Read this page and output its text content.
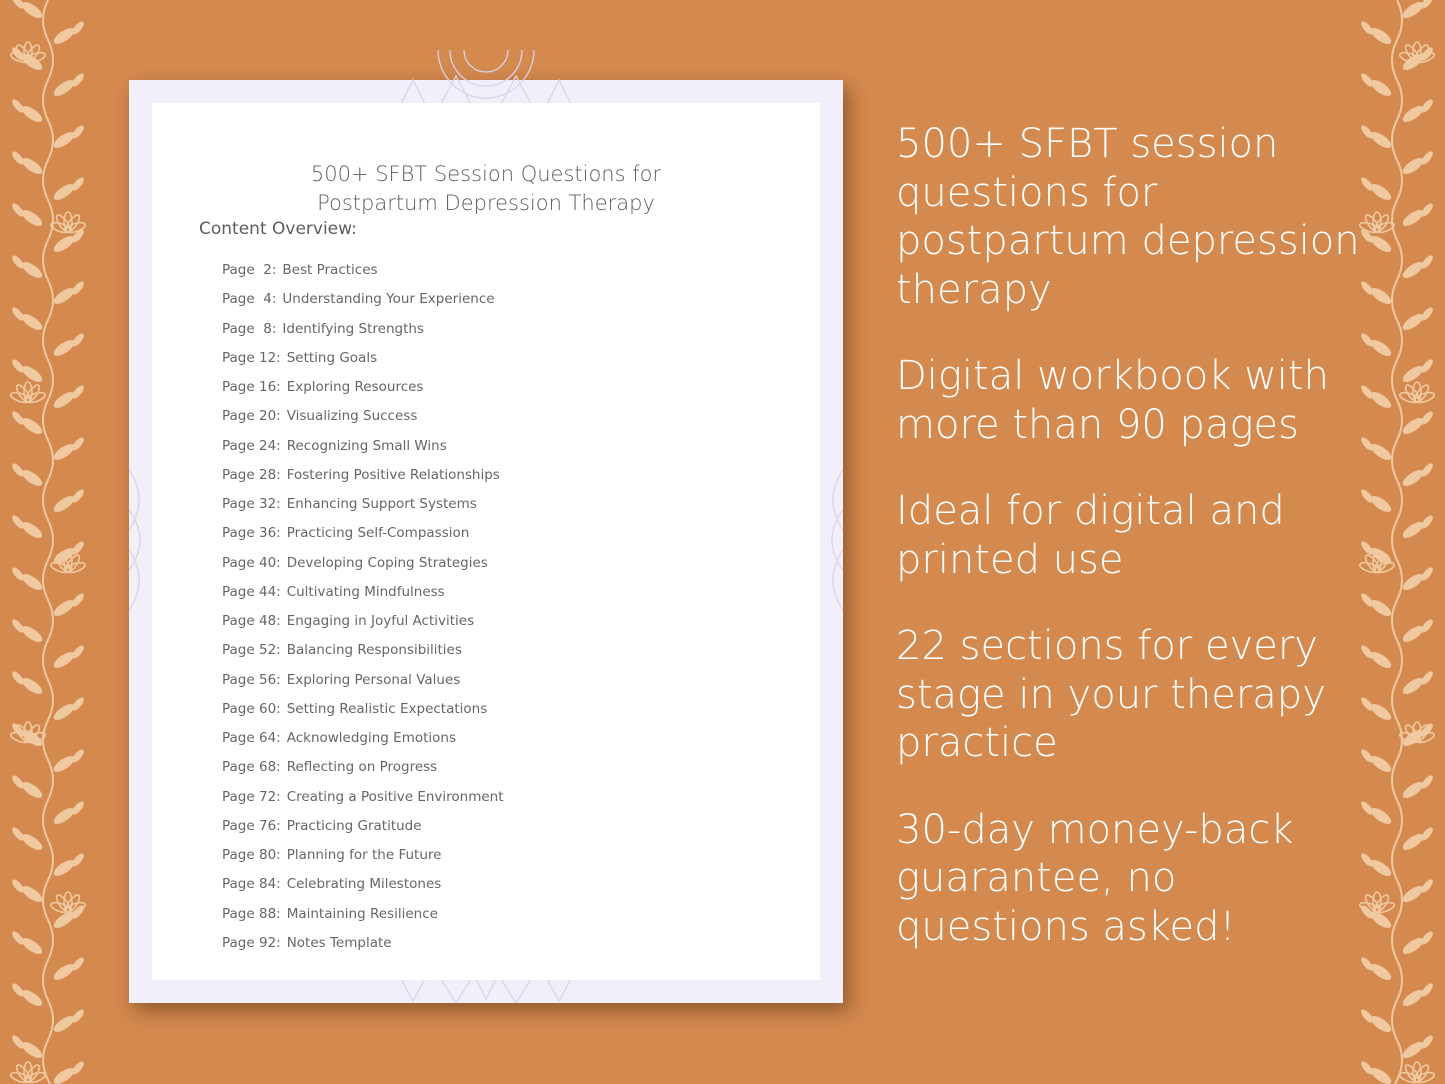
500+ SFBT Session Questions for
Postpartum Depression Therapy
Content Overview:
Page  2: Best Practices
Page  4: Understanding Your Experience
Page  8: Identifying Strengths
Page 12: Setting Goals
Page 16: Exploring Resources
Page 20: Visualizing Success
Page 24: Recognizing Small Wins
Page 28: Fostering Positive Relationships
Page 32: Enhancing Support Systems
Page 36: Practicing Self-Compassion
Page 40: Developing Coping Strategies
Page 44: Cultivating Mindfulness
Page 48: Engaging in Joyful Activities
Page 52: Balancing Responsibilities
Page 56: Exploring Personal Values
Page 60: Setting Realistic Expectations
Page 64: Acknowledging Emotions
Page 68: Reflecting on Progress
Page 72: Creating a Positive Environment
Page 76: Practicing Gratitude
Page 80: Planning for the Future
Page 84: Celebrating Milestones
Page 88: Maintaining Resilience
Page 92: Notes Template
500+ SFBT session
questions for
postpartum depression
therapy
Digital workbook with
more than 90 pages
Ideal for digital and
printed use
22 sections for every
stage in your therapy
practice
30-day money-back
guarantee, no
questions asked!
